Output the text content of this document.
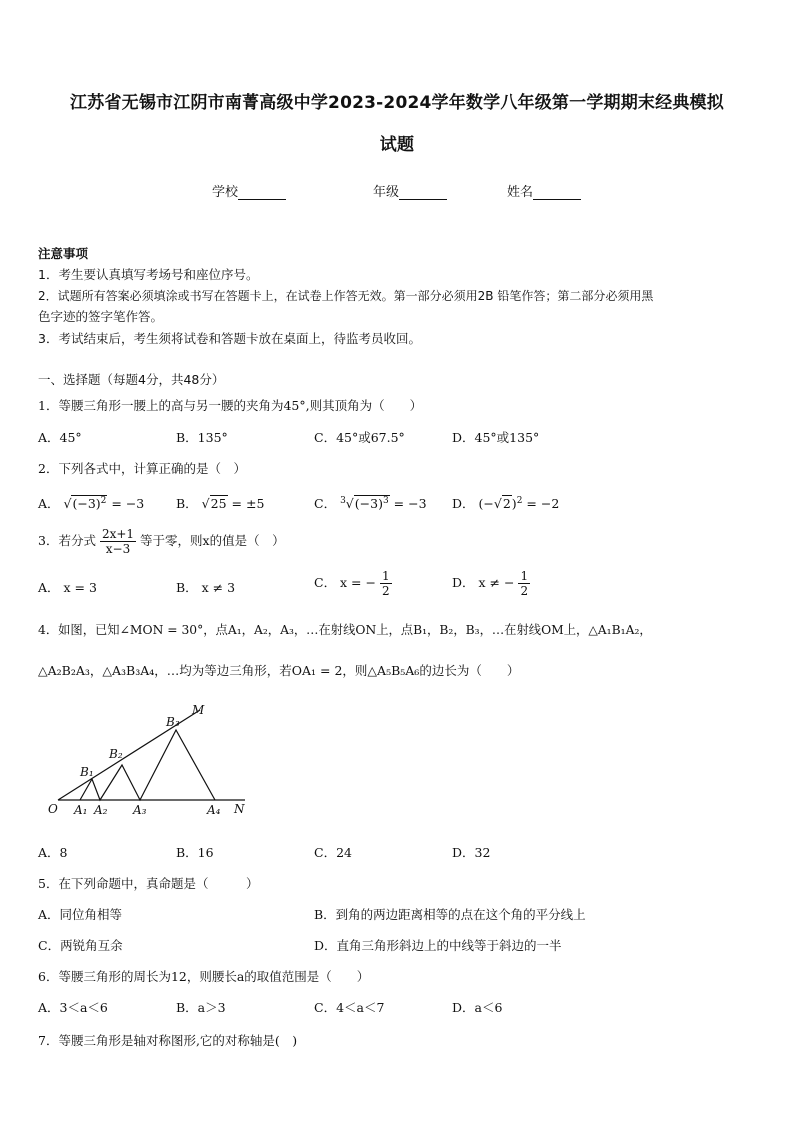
江苏省无锡市江阴市南菁高级中学2023-2024学年数学八年级第一学期期末经典模拟
试题
学校	年级	姓名
注意事项
1．考生要认真填写考场号和座位序号。
2．试题所有答案必须填涂或书写在答题卡上，在试卷上作答无效。第一部分必须用2B 铅笔作答；第二部分必须用黑
色字迹的签字笔作答。
3．考试结束后，考生须将试卷和答题卡放在桌面上，待监考员收回。
一、选择题（每题4分，共48分）
1．等腰三角形一腰上的高与另一腰的夹角为45°,则其顶角为（　　）
A．45°	B．135°	C．45°或67.5°	D．45°或135°
2．下列各式中，计算正确的是（　）
A． $√(-3)^2 = -3$	B． √25 = ±5	C． $^3√(-3)^3 = -3$ D． $(-√2)^2 = -2$
3．若分式 $\frac{2x+1}{x-3}$ 等于零，则x的值是（　）
A． x = 3	B． x ≠ 3	C． x = − $\frac{1}{2}$	D． x ≠ − $\frac{1}{2}$
4．如图，已知∠MON = 30°，点A₁，A₂，A₃，…在射线ON上，点B₁，B₂，B₃，…在射线OM上，△A₁B₁A₂，
△A₂B₂A₃，△A₃B₃A₄，…均为等边三角形，若OA₁ = 2，则△A₅B₅A₆的边长为（　　）
O	N
M
A₁ A₂ A₃	A₄
B₁
B₂
B₃
A．8	B．16	C．24	D．32
5．在下列命题中，真命题是（　　　）
A．同位角相等	B．到角的两边距离相等的点在这个角的平分线上
C．两锐角互余	D．直角三角形斜边上的中线等于斜边的一半
6．等腰三角形的周长为12，则腰长a的取值范围是（　　）
A．3＜a＜6	B．a＞3	C．4＜a＜7	D．a＜6
7．等腰三角形是轴对称图形,它的对称轴是(　)
